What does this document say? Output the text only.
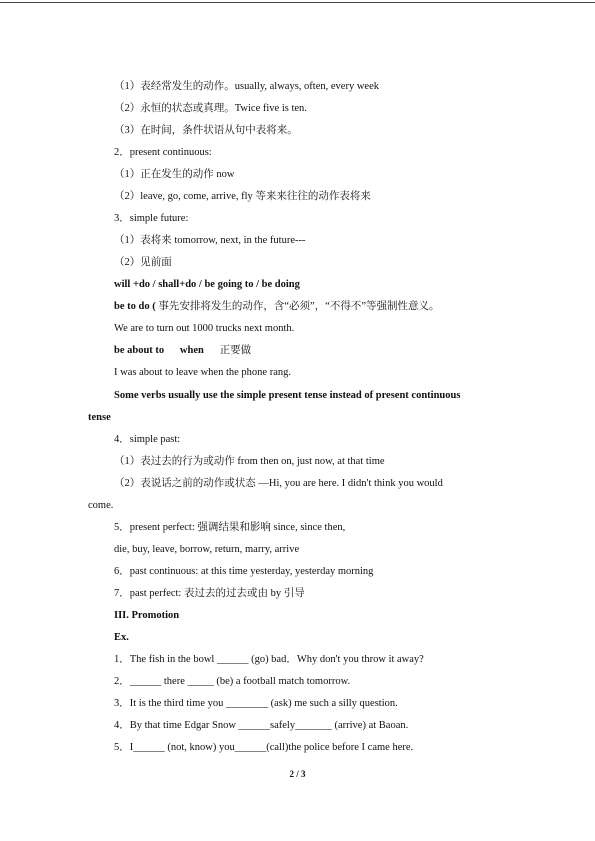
（1）表经常发生的动作。usually, always, often, every week
（2）永恒的状态或真理。Twice five is ten.
（3）在时间，条件状语从句中表将来。
2．present continuous:
（1）正在发生的动作 now
（2）leave, go, come, arrive, fly 等来来往往的动作表将来
3．simple future:
（1）表将来 tomorrow, next, in the future---
（2）见前面
will +do / shall+do / be going to / be doing
be to do ( 事先安排将发生的动作，含“必须”，“不得不”等强制性意义。
We are to turn out 1000 trucks next month.
be about to      when      正要做
I was about to leave when the phone rang.
Some verbs usually use the simple present tense instead of present continuous
tense
4．simple past:
（1）表过去的行为或动作 from then on, just now, at that time
（2）表说话之前的动作或状态 —Hi, you are here. I didn't think you would
come.
5．present perfect: 强调结果和影响 since, since then,
die, buy, leave, borrow, return, marry, arrive
6．past continuous: at this time yesterday, yesterday morning
7．past perfect: 表过去的过去或由 by 引导
III. Promotion
Ex.
1．The fish in the bowl ______ (go) bad．Why don't you throw it away?
2．______ there _____ (be) a football match tomorrow.
3．It is the third time you ________ (ask) me such a silly question.
4．By that time Edgar Snow ______safely_______ (arrive) at Baoan.
5．I______ (not, know) you______(call)the police before I came here.
2 / 3
